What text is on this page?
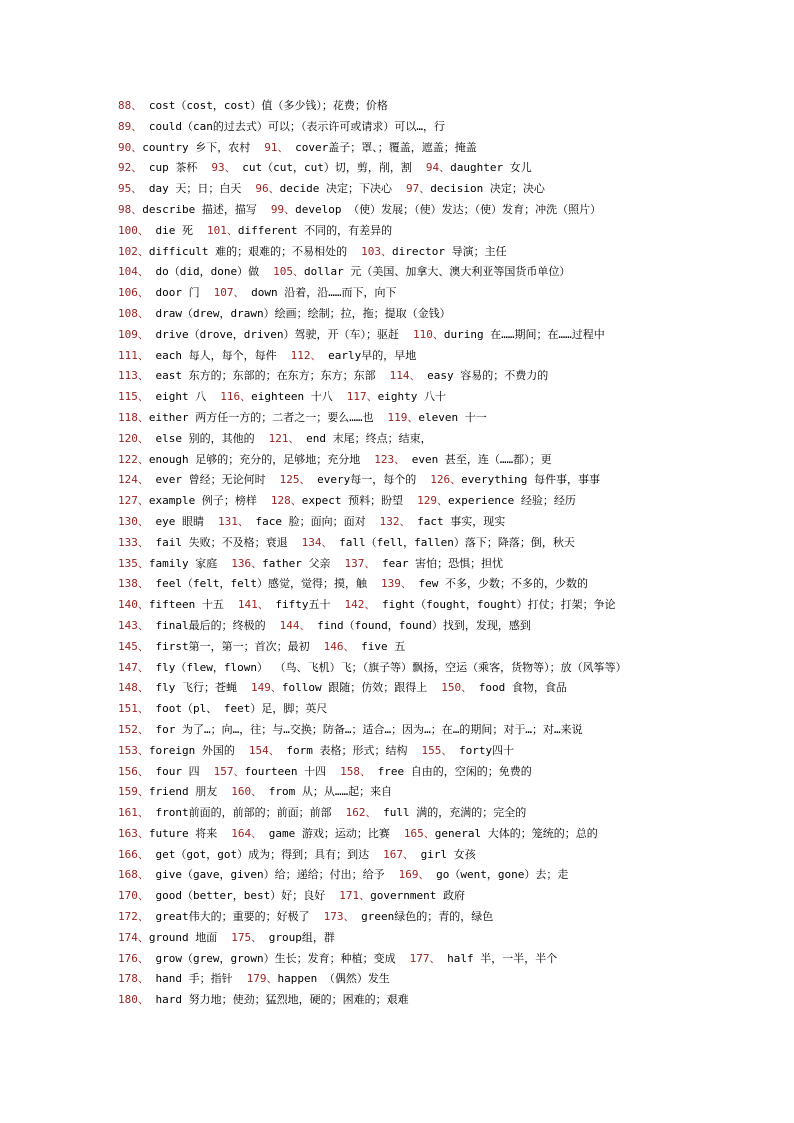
88、 cost（cost，cost）值（多少钱）；花费；价格
89、 could（can的过去式）可以；（表示许可或请求）可以…，行
90、country 乡下，农村 91、 cover盖子；罩、；覆盖，遮盖；掩盖
92、 cup 茶杯 93、 cut（cut，cut）切，剪，削，割 94、daughter 女儿
95、 day 天；日；白天 96、decide 决定；下决心 97、decision 决定；决心
98、describe 描述，描写 99、develop （使）发展；（使）发达；（使）发育；冲洗（照片）
100、 die 死 101、different 不同的，有差异的
102、difficult 难的；艰难的；不易相处的 103、director 导演；主任
104、 do（did，done）做 105、dollar 元（美国、加拿大、澳大利亚等国货币单位）
106、 door 门 107、 down 沿着，沿……而下，向下
108、 draw（drew，drawn）绘画；绘制；拉，拖；提取（金钱）
109、 drive（drove，driven）驾驶，开（车）；驱赶 110、during 在……期间；在……过程中
111、 each 每人，每个，每件 112、 early早的，早地
113、 east 东方的；东部的；在东方；东方；东部 114、 easy 容易的；不费力的
115、 eight 八 116、eighteen 十八 117、eighty 八十
118、either 两方任一方的；二者之一；要么……也 119、eleven 十一
120、 else 别的，其他的 121、 end 末尾；终点；结束，
122、enough 足够的；充分的，足够地；充分地 123、 even 甚至，连（……都）；更
124、 ever 曾经；无论何时 125、 every每一，每个的 126、everything 每件事，事事
127、example 例子；榜样 128、expect 预料；盼望 129、experience 经验；经历
130、 eye 眼睛 131、 face 脸；面向；面对 132、 fact 事实，现实
133、 fail 失败；不及格；衰退 134、 fall（fell，fallen）落下；降落；倒，秋天
135、family 家庭 136、father 父亲 137、 fear 害怕；恐惧；担忧
138、 feel（felt，felt）感觉，觉得；摸，触 139、 few 不多，少数；不多的，少数的
140、fifteen 十五 141、 fifty五十 142、 fight（fought，fought）打仗；打架；争论
143、 final最后的；终极的 144、 find（found，found）找到，发现，感到
145、 first第一，第一；首次；最初 146、 five 五
147、 fly（flew，flown） （鸟、飞机）飞；（旗子等）飘扬，空运（乘客，货物等）；放（风筝等）
148、 fly 飞行；苍蝇 149、follow 跟随；仿效；跟得上 150、 food 食物，食品
151、 foot（pl、 feet）足，脚；英尺
152、 for 为了…；向…，往；与…交换；防备…；适合…；因为…；在…的期间；对于…；对…来说
153、foreign 外国的 154、 form 表格；形式；结构 155、 forty四十
156、 four 四 157、fourteen 十四 158、 free 自由的，空闲的；免费的
159、friend 朋友 160、 from 从；从……起；来自
161、 front前面的，前部的；前面；前部 162、 full 满的，充满的；完全的
163、future 将来 164、 game 游戏；运动；比赛 165、general 大体的；笼统的；总的
166、 get（got，got）成为；得到；具有；到达 167、 girl 女孩
168、 give（gave，given）给；递给；付出；给予 169、 go（went，gone）去；走
170、 good（better，best）好；良好 171、government 政府
172、 great伟大的；重要的；好极了 173、 green绿色的；青的，绿色
174、ground 地面 175、 group组，群
176、 grow（grew，grown）生长；发育；种植；变成 177、 half 半，一半，半个
178、 hand 手；指针 179、happen （偶然）发生
180、 hard 努力地；使劲；猛烈地，硬的；困难的；艰难
